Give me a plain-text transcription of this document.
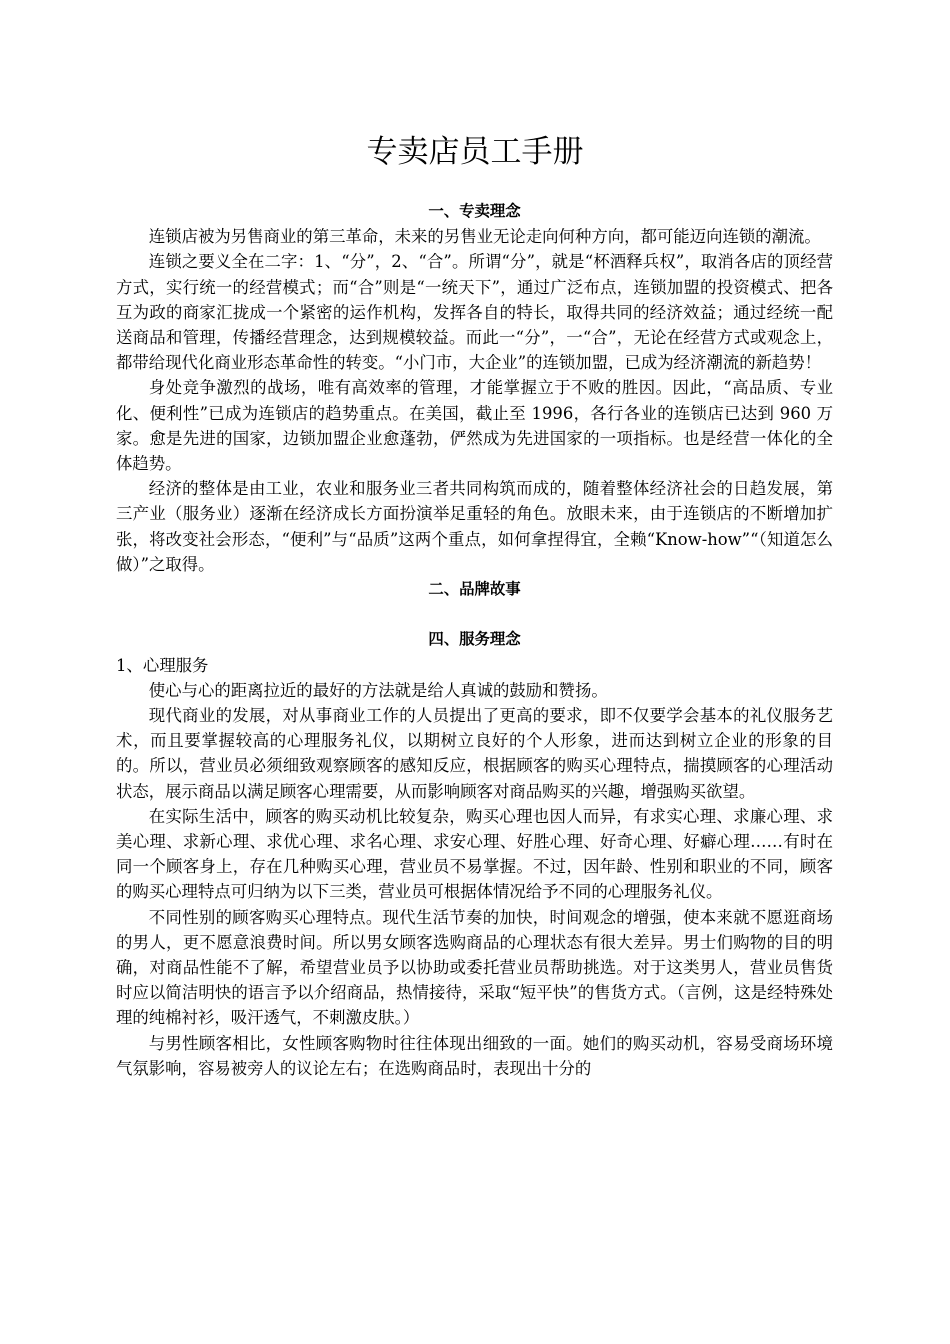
专卖店员工手册

一、专卖理念

连锁店被为另售商业的第三革命，未来的另售业无论走向何种方向，都可能迈向连锁的潮流。

连锁之要义全在二字：1、“分”，2、“合”。所谓“分”，就是“杯酒释兵权”，取消各店的顶经营方式，实行统一的经营模式；而“合”则是“一统天下”，通过广泛布点，连锁加盟的投资模式、把各互为政的商家汇拢成一个紧密的运作机构，发挥各自的特长，取得共同的经济效益；通过经统一配送商品和管理，传播经营理念，达到规模较益。而此一“分”，一“合”，无论在经营方式或观念上，都带给现代化商业形态革命性的转变。“小门市，大企业”的连锁加盟，已成为经济潮流的新趋势！

身处竞争激烈的战场，唯有高效率的管理，才能掌握立于不败的胜因。因此，“高品质、专业化、便利性”已成为连锁店的趋势重点。在美国，截止至 1996，各行各业的连锁店已达到 960 万家。愈是先进的国家，边锁加盟企业愈蓬勃，俨然成为先进国家的一项指标。也是经营一体化的全体趋势。

经济的整体是由工业，农业和服务业三者共同构筑而成的，随着整体经济社会的日趋发展，第三产业（服务业）逐渐在经济成长方面扮演举足重轻的角色。放眼未来，由于连锁店的不断增加扩张，将改变社会形态，“便利”与“品质”这两个重点，如何拿捏得宜，全赖“Know-how”“（知道怎么做）”之取得。

二、品牌故事

四、服务理念

1、心理服务

使心与心的距离拉近的最好的方法就是给人真诚的鼓励和赞扬。

现代商业的发展，对从事商业工作的人员提出了更高的要求，即不仅要学会基本的礼仪服务艺术，而且要掌握较高的心理服务礼仪，以期树立良好的个人形象，进而达到树立企业的形象的目的。所以，营业员必须细致观察顾客的感知反应，根据顾客的购买心理特点，揣摸顾客的心理活动状态，展示商品以满足顾客心理需要，从而影响顾客对商品购买的兴趣，增强购买欲望。

在实际生活中，顾客的购买动机比较复杂，购买心理也因人而异，有求实心理、求廉心理、求美心理、求新心理、求优心理、求名心理、求安心理、好胜心理、好奇心理、好癖心理……有时在同一个顾客身上，存在几种购买心理，营业员不易掌握。不过，因年龄、性别和职业的不同，顾客的购买心理特点可归纳为以下三类，营业员可根据体情况给予不同的心理服务礼仪。

不同性别的顾客购买心理特点。现代生活节奏的加快，时间观念的增强，使本来就不愿逛商场的男人，更不愿意浪费时间。所以男女顾客选购商品的心理状态有很大差异。男士们购物的目的明确，对商品性能不了解，希望营业员予以协助或委托营业员帮助挑选。对于这类男人，营业员售货时应以简洁明快的语言予以介绍商品，热情接待，采取“短平快”的售货方式。（言例，这是经特殊处理的纯棉衬衫，吸汗透气，不刺激皮肤。）

与男性顾客相比，女性顾客购物时往往体现出细致的一面。她们的购买动机，容易受商场环境气氛影响，容易被旁人的议论左右；在选购商品时，表现出十分的
